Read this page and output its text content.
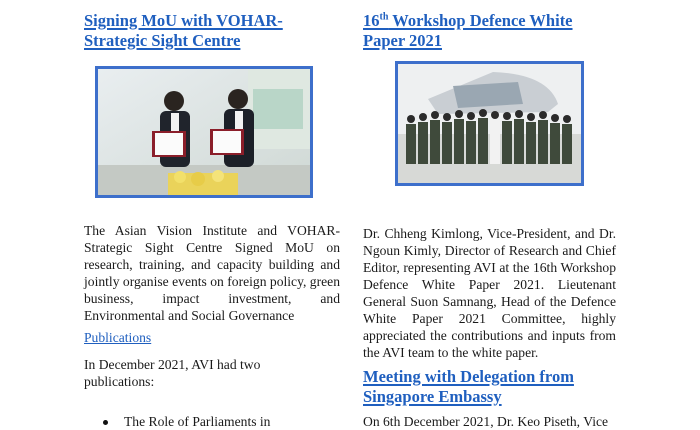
Signing MoU with VOHAR-
Strategic Sight Centre
The Asian Vision Institute and VOHAR-Strategic Sight Centre Signed MoU on research, training, and capacity building and jointly organise events on foreign policy, green business, impact investment, and Environmental and Social Governance
Publications
In December 2021, AVI had two publications:
The Role of Parliaments in
16th Workshop Defence White
Paper 2021
Dr. Chheng Kimlong, Vice-President, and Dr. Ngoun Kimly, Director of Research and Chief Editor, representing AVI at the 16th Workshop Defence White Paper 2021. Lieutenant General Suon Samnang, Head of the Defence White Paper 2021 Committee, highly appreciated the contributions and inputs from the AVI team to the white paper.
Meeting with Delegation from
Singapore Embassy
On 6th December 2021, Dr. Keo Piseth, Vice
